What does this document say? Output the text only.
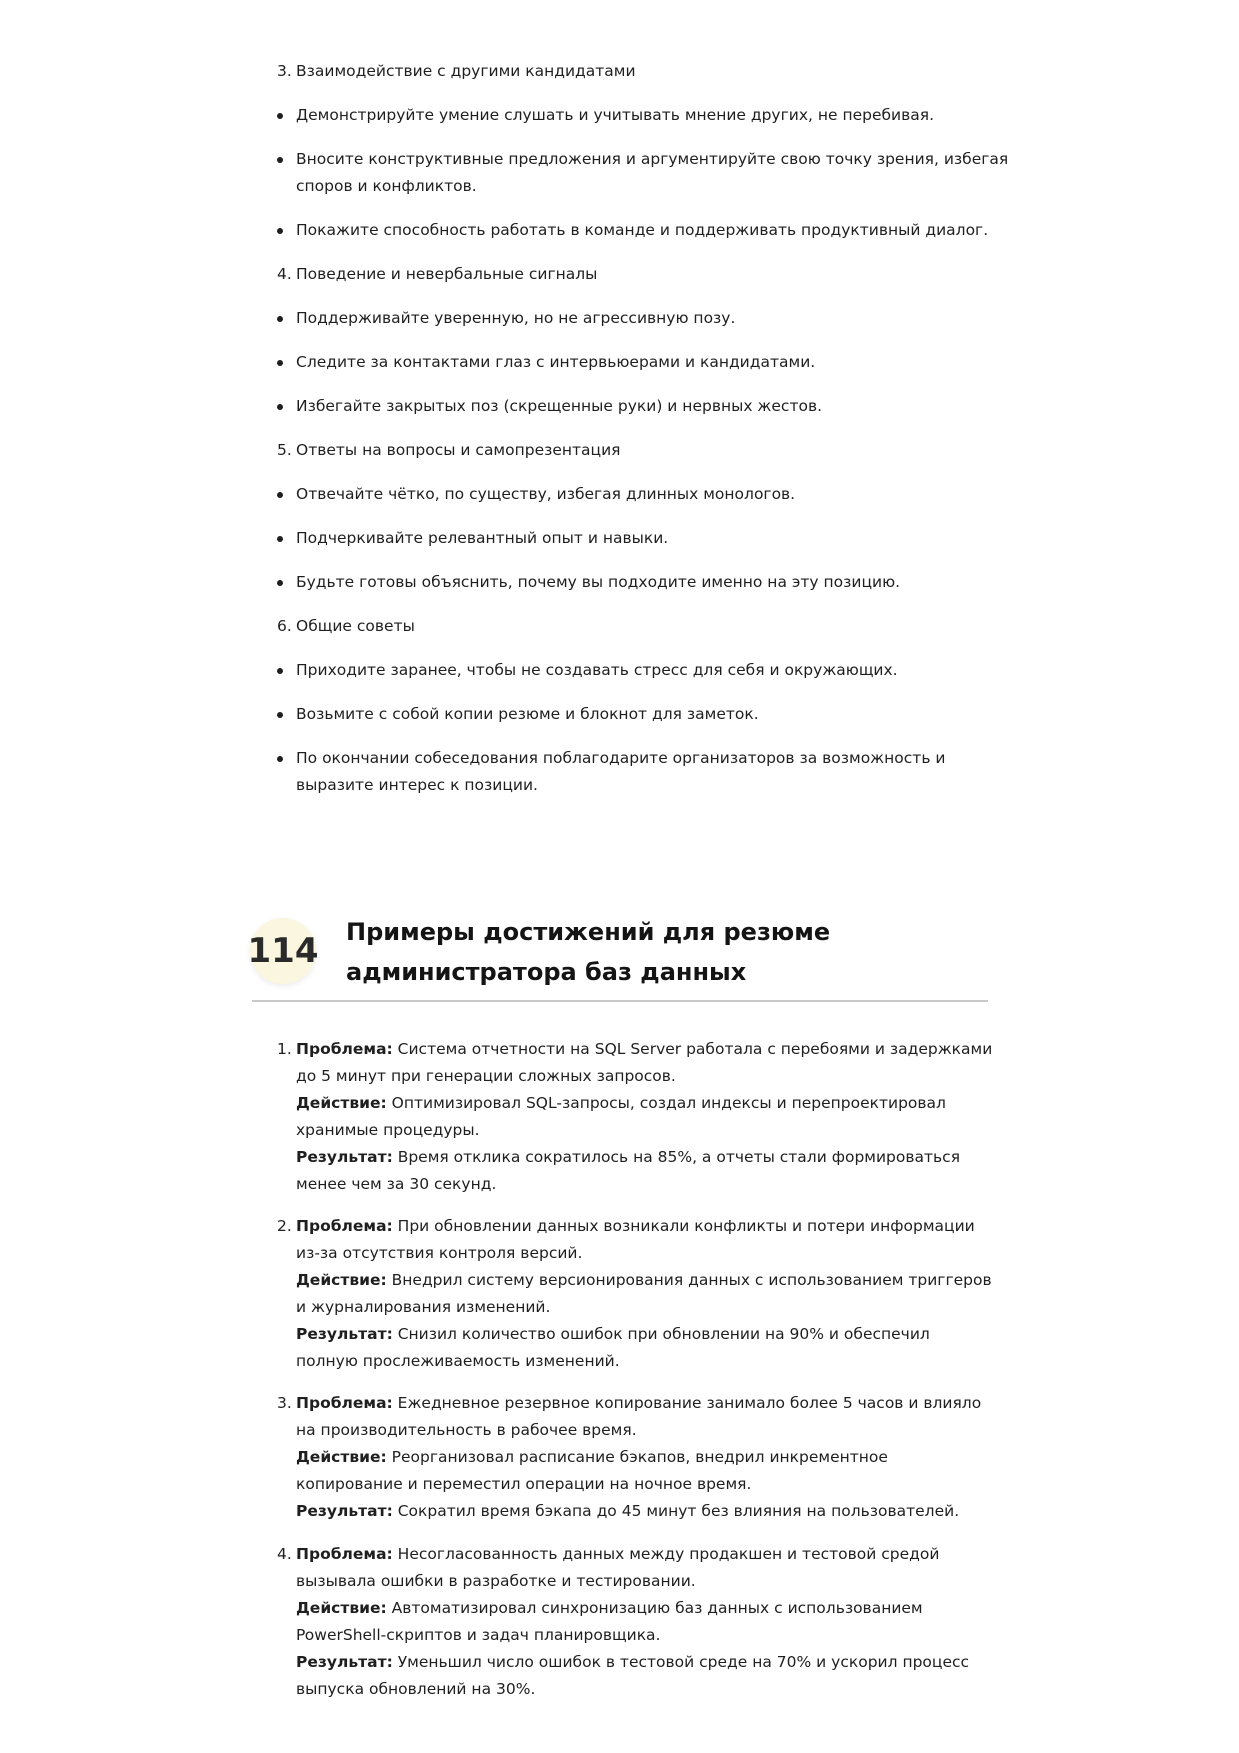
3. Взаимодействие с другими кандидатами
Демонстрируйте умение слушать и учитывать мнение других, не перебивая.
Вносите конструктивные предложения и аргументируйте свою точку зрения, избегая
споров и конфликтов.
Покажите способность работать в команде и поддерживать продуктивный диалог.
4. Поведение и невербальные сигналы
Поддерживайте уверенную, но не агрессивную позу.
Следите за контактами глаз с интервьюерами и кандидатами.
Избегайте закрытых поз (скрещенные руки) и нервных жестов.
5. Ответы на вопросы и самопрезентация
Отвечайте чётко, по существу, избегая длинных монологов.
Подчеркивайте релевантный опыт и навыки.
Будьте готовы объяснить, почему вы подходите именно на эту позицию.
6. Общие советы
Приходите заранее, чтобы не создавать стресс для себя и окружающих.
Возьмите с собой копии резюме и блокнот для заметок.
По окончании собеседования поблагодарите организаторов за возможность и
выразите интерес к позиции.
1. Проблема: Система отчетности на SQL Server работала с перебоями и задержками до 5 минут при генерации сложных запросов.
Действие: Оптимизировал SQL-запросы, создал индексы и перепроектировал хранимые процедуры.
Результат: Время отклика сократилось на 85%, а отчеты стали формироваться менее чем за 30 секунд.

2. Проблема: При обновлении данных возникали конфликты и потери информации из-за отсутствия контроля версий.
Действие: Внедрил систему версионирования данных с использованием триггеров и журналирования изменений.
Результат: Снизил количество ошибок при обновлении на 90% и обеспечил полную прослеживаемость изменений.

3. Проблема: Ежедневное резервное копирование занимало более 5 часов и влияло на производительность в рабочее время.
Действие: Реорганизовал расписание бэкапов, внедрил инкрементное копирование и переместил операции на ночное время.
Результат: Сократил время бэкапа до 45 минут без влияния на пользователей.

4. Проблема: Несогласованность данных между продакшен и тестовой средой вызывала ошибки в разработке и тестировании.
Действие: Автоматизировал синхронизацию баз данных с использованием PowerShell-скриптов и задач планировщика.
Результат: Уменьшил число ошибок в тестовой среде на 70% и ускорил процесс выпуска обновлений на 30%.

114 Примеры достижений для резюме
администратора баз данных
